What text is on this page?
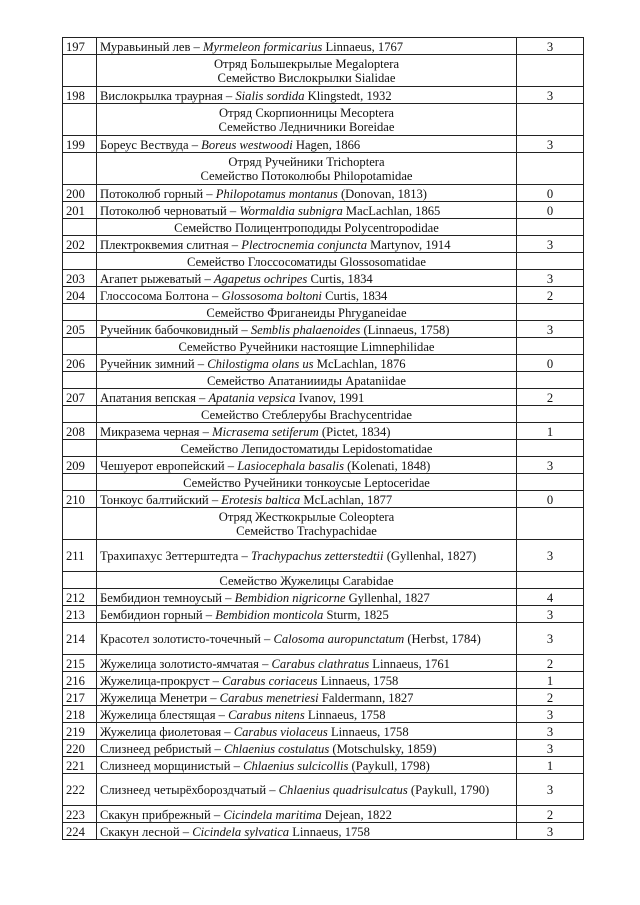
197	Муравьиный лев – Myrmeleon formicarius Linnaeus, 1767	3

	Отряд Большекрылые Megaloptera
Семейство Вислокрылки Sialidae	

198	Вислокрылка траурная – Sialis sordida Klingstedt, 1932	3

	Отряд Скорпионницы Mecoptera
Семейство Ледничники Boreidae	

199	Бореус Вествуда – Boreus westwoodi Hagen, 1866	3

	Отряд Ручейники Trichoptera
Семейство Потоколюбы Philopotamidae	

200	Потоколюб горный – Philopotamus montanus (Donovan, 1813)	0
201	Потоколюб черноватый – Wormaldia subnigra MacLachlan, 1865	0

	Семейство Полицентроподиды Polycentropodidae	

202	Плектроквемия слитная – Plectrocnemia conjuncta Martynov, 1914	3

	Семейство Глоссосоматиды Glossosomatidae	

203	Агапет рыжеватый – Agapetus ochripes Curtis, 1834	3
204	Глоссосома Болтона – Glossosoma boltoni Curtis, 1834	2

	Семейство Фриганеиды Phryganeidae	

205	Ручейник бабочковидный – Semblis phalaenoides (Linnaeus, 1758)	3

	Семейство Ручейники настоящие Limnephilidae	

206	Ручейник зимний – Chilostigma olans us McLachlan, 1876	0

	Семейство Апатаниииды Apataniidae	

207	Апатания вепская – Apatania vepsica Ivanov, 1991	2

	Семейство Стеблерубы Brachycentridae	

208	Микразема черная – Micrasema setiferum (Pictet, 1834)	1

	Семейство Лепидостоматиды Lepidostomatidae	

209	Чешуерот европейский – Lasiocephala basalis (Kolenati, 1848)	3

	Семейство Ручейники тонкоусые Leptoceridae	

210	Тонкоус балтийский – Erotesis baltica McLachlan, 1877	0

	Отряд Жесткокрылые Coleoptera
Семейство Trachypachidae	

211	Трахипахус Зеттерштедта – Trachypachus zetterstedtii (Gyllenhal, 1827)	3

	Семейство Жужелицы Carabidae	

212	Бембидион темноусый – Bembidion nigricorne Gyllenhal, 1827	4
213	Бембидион горный – Bembidion monticola Sturm, 1825	3
214	Красотел золотисто-точечный – Calosoma auropunctatum (Herbst, 1784)	3
215	Жужелица золотисто-ямчатая – Carabus clathratus Linnaeus, 1761	2
216	Жужелица-прокруст – Carabus coriaceus Linnaeus, 1758	1
217	Жужелица Менетри – Carabus menetriesi Faldermann, 1827	2
218	Жужелица блестящая – Carabus nitens Linnaeus, 1758	3
219	Жужелица фиолетовая – Carabus violaceus Linnaeus, 1758	3
220	Слизнеед ребристый – Chlaenius costulatus (Motschulsky, 1859)	3
221	Слизнеед морщинистый – Chlaenius sulcicollis (Paykull, 1798)	1
222	Слизнеед четырёхбороздчатый – Chlaenius quadrisulcatus (Paykull, 1790)	3
223	Скакун прибрежный – Cicindela maritima Dejean, 1822	2
224	Скакун лесной – Cicindela sylvatica Linnaeus, 1758	3
